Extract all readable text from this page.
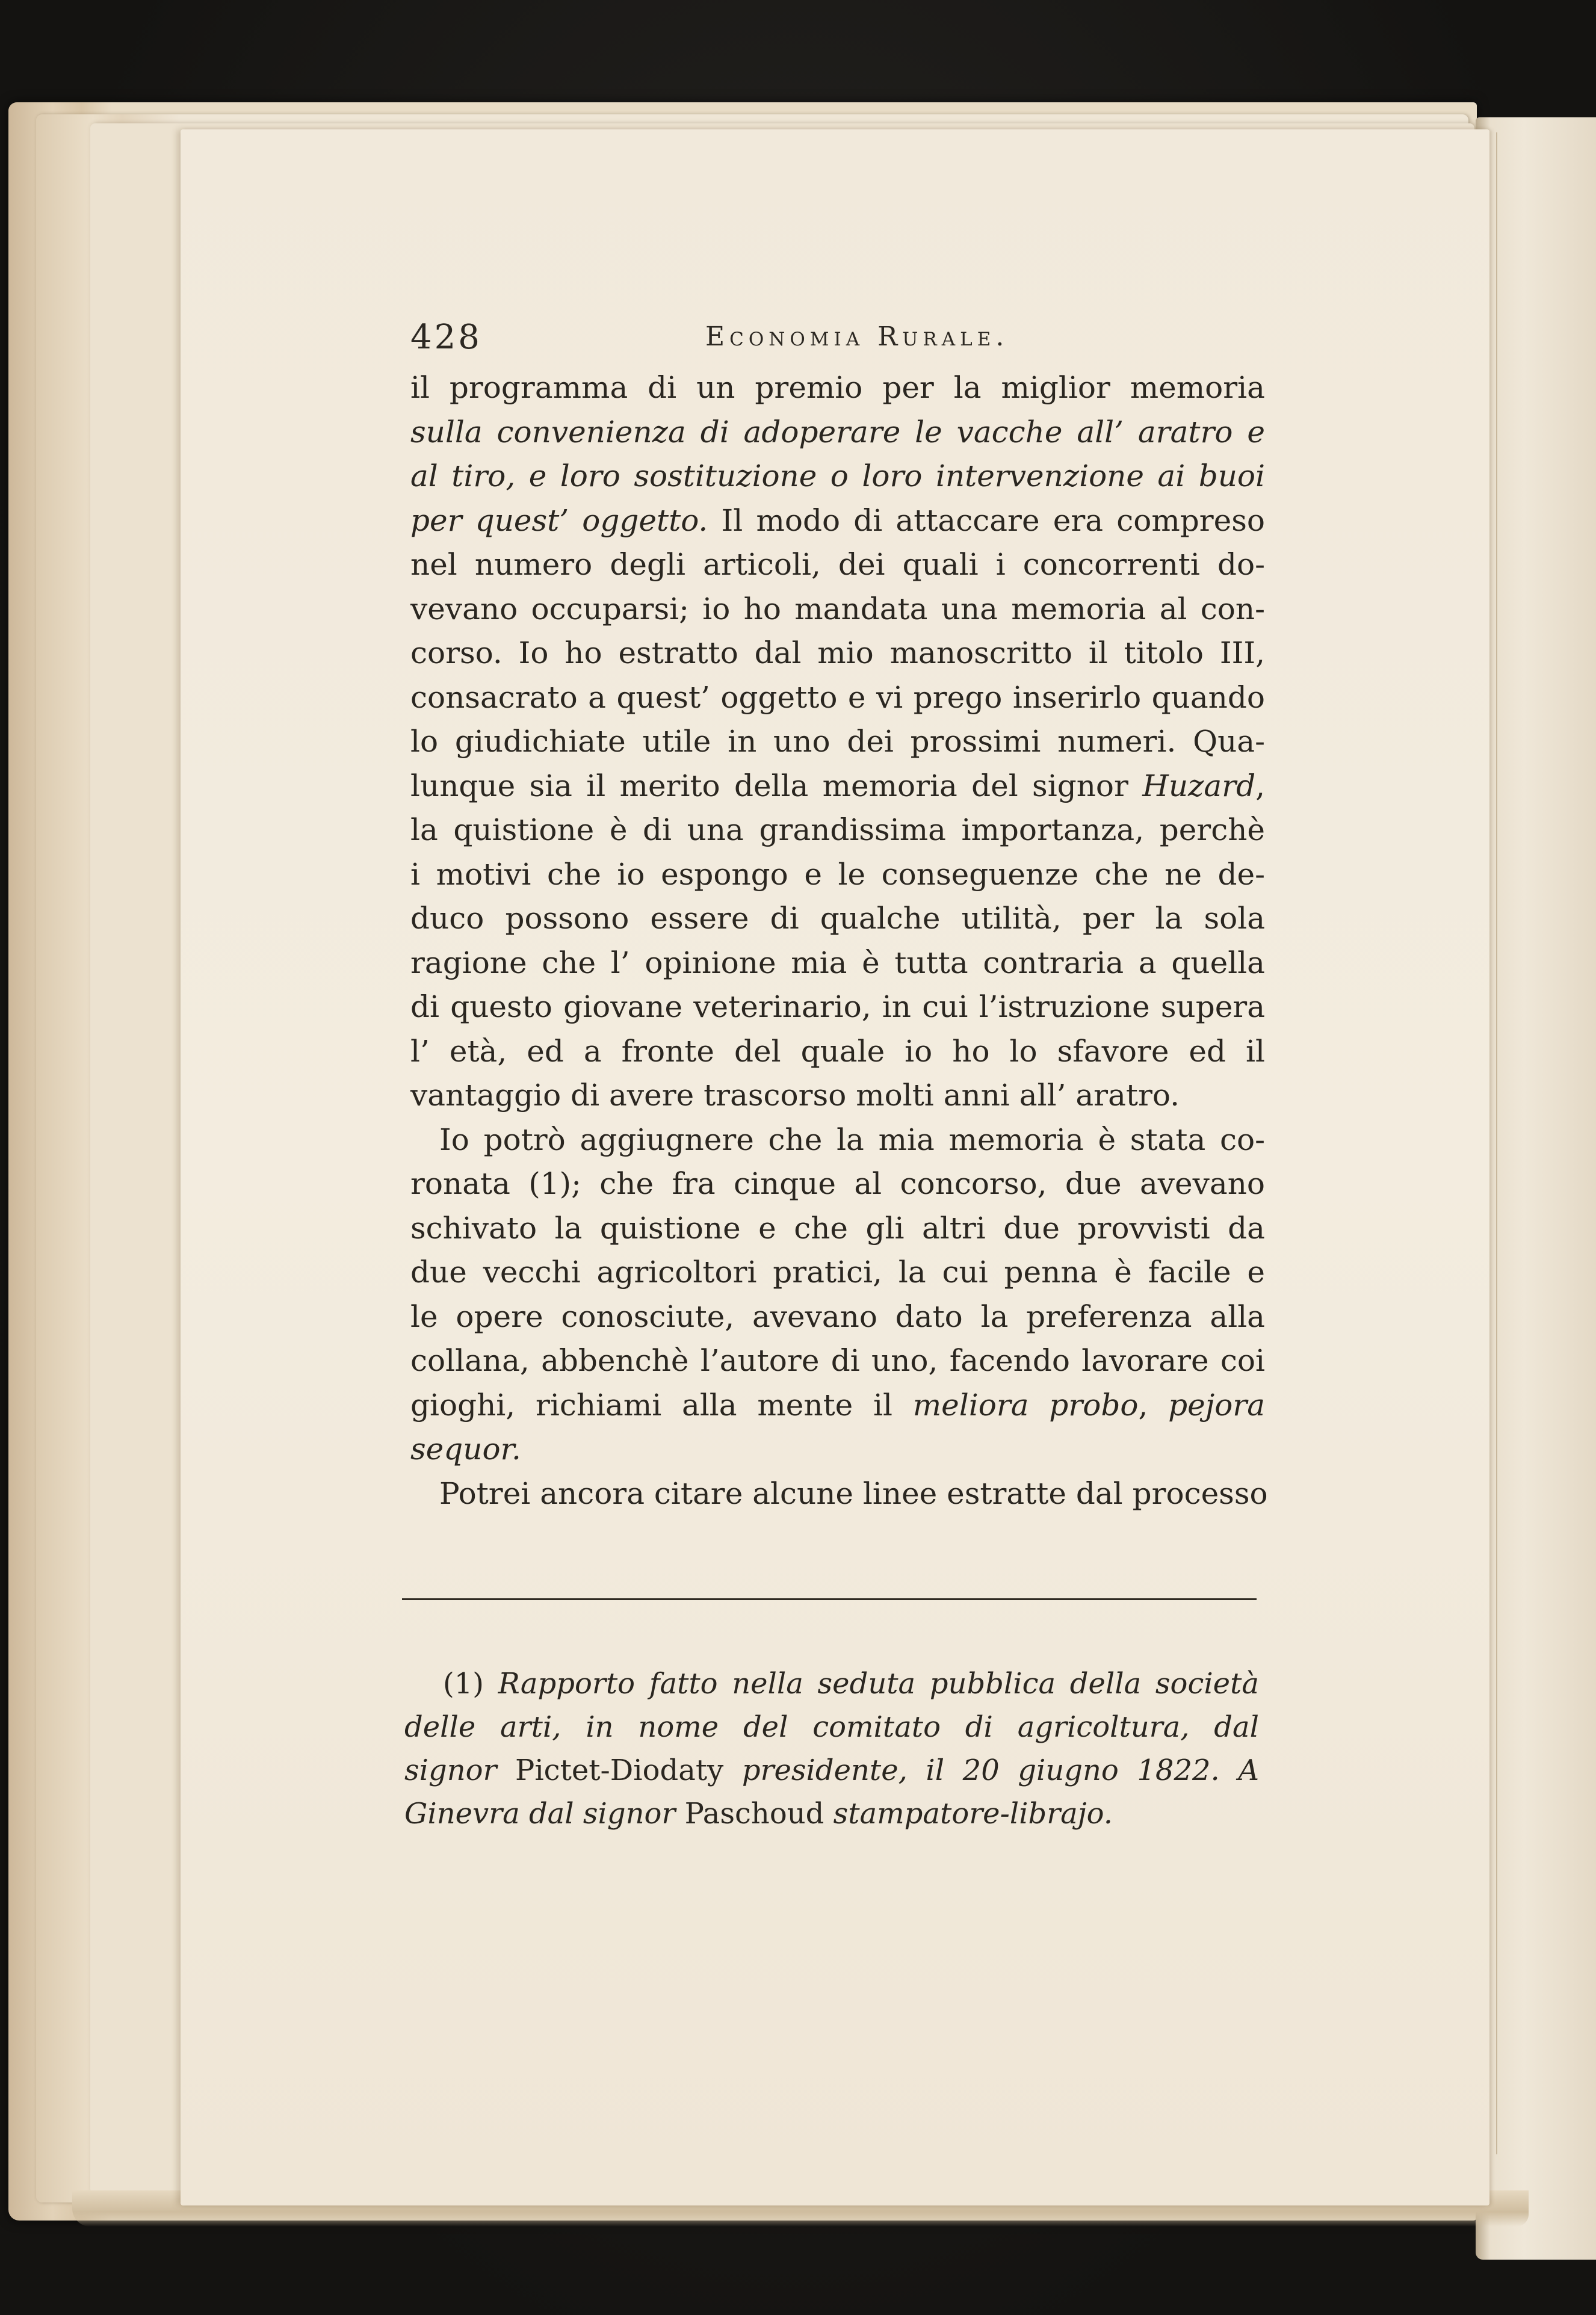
428	Economia Rurale.
il programma di un premio per la miglior memoria
sulla convenienza di adoperare le vacche all’ aratro e
al tiro, e loro sostituzione o loro intervenzione ai buoi
per quest’ oggetto. Il modo di attaccare era compreso
nel numero degli articoli, dei quali i concorrenti do-
vevano occuparsi; io ho mandata una memoria al con-
corso. Io ho estratto dal mio manoscritto il titolo III,
consacrato a quest’ oggetto e vi prego inserirlo quando
lo giudichiate utile in uno dei prossimi numeri. Qua-
lunque sia il merito della memoria del signor Huzard,
la quistione è di una grandissima importanza, perchè
i motivi che io espongo e le conseguenze che ne de-
duco possono essere di qualche utilità, per la sola
ragione che l’ opinione mia è tutta contraria a quella
di questo giovane veterinario, in cui l’istruzione supera
l’ età, ed a fronte del quale io ho lo sfavore ed il
vantaggio di avere trascorso molti anni all’ aratro.
Io potrò aggiugnere che la mia memoria è stata co-
ronata (1); che fra cinque al concorso, due avevano
schivato la quistione e che gli altri due provvisti da
due vecchi agricoltori pratici, la cui penna è facile e
le opere conosciute, avevano dato la preferenza alla
collana, abbenchè l’autore di uno, facendo lavorare coi
gioghi, richiami alla mente il meliora probo, pejora
sequor.
Potrei ancora citare alcune linee estratte dal processo
(1) Rapporto fatto nella seduta pubblica della società
delle arti, in nome del comitato di agricoltura, dal
signor Pictet-Diodaty presidente, il 20 giugno 1822. A
Ginevra dal signor Paschoud stampatore-librajo.
